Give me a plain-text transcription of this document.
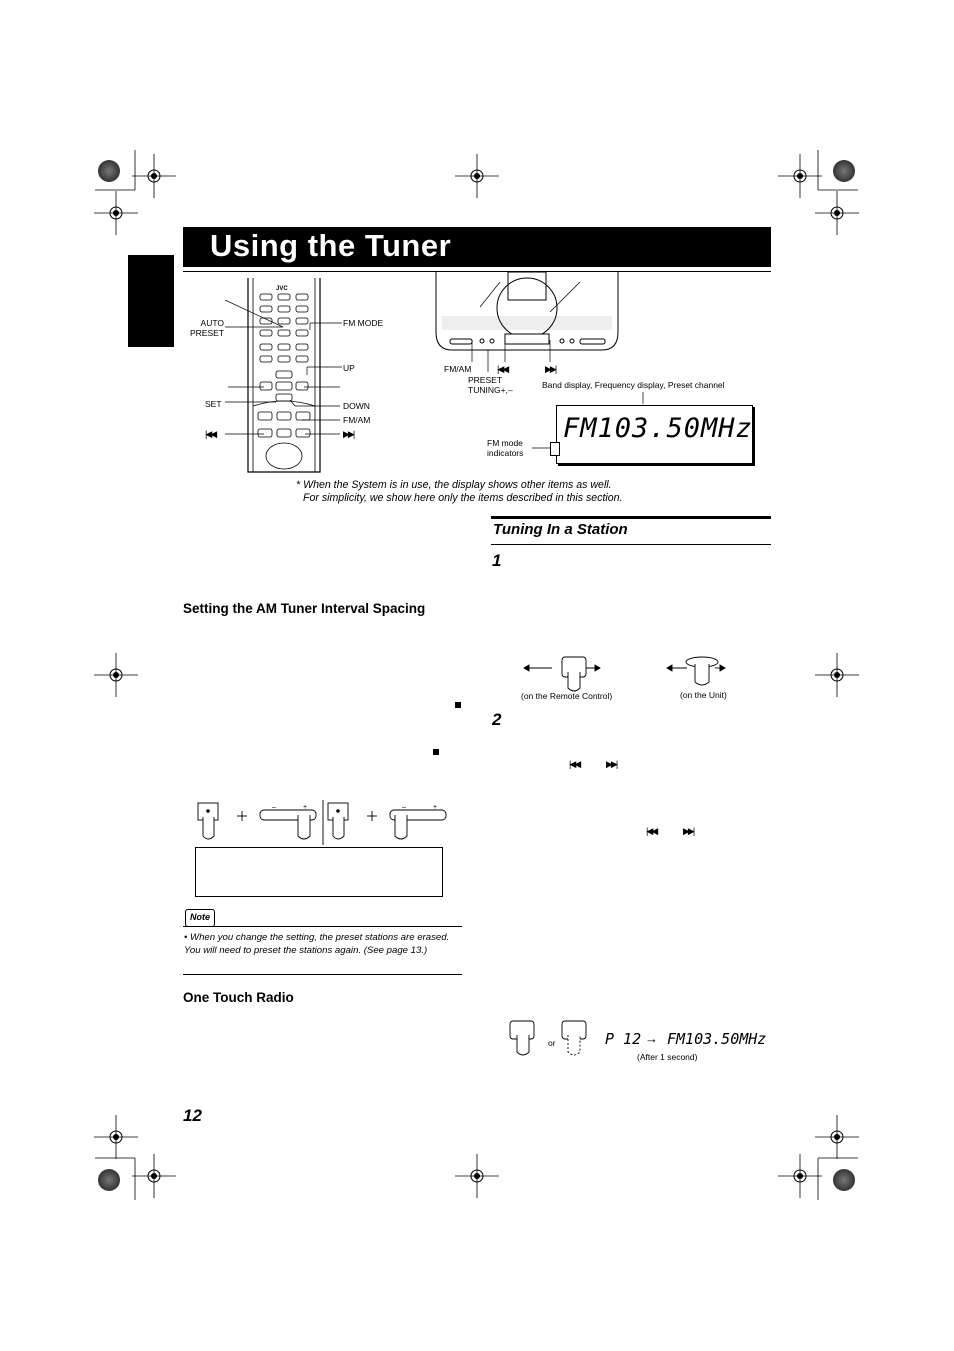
Using the Tuner
JVC
AUTO
PRESET
FM MODE
UP
SET	DOWN
FM/AM
|◀◀	▶▶|
FM/AM	|◀◀	▶▶|
PRESET
TUNING+,–	Band display, Frequency display, Preset channel
FM103.50MHz
FM mode
indicators
* When the System is in use, the display shows other items as well.
For simplicity, we show here only the items described in this section.
Tuning In a Station
1
(on the Remote Control)	(on the Unit)
2
|◀◀	▶▶|
|◀◀	▶▶|
Setting the AM Tuner Interval Spacing
–	+	–	+
Note
• When you change the setting, the preset stations are erased. You will need to preset the stations again. (See page 13.)
One Touch Radio
or	P 12 → FM103.50MHz
(After 1 second)
12
